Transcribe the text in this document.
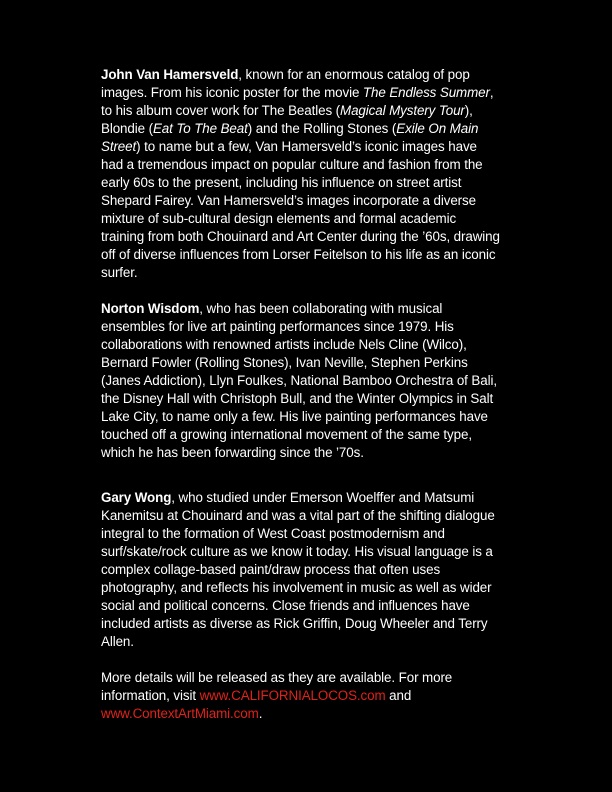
John Van Hamersveld, known for an enormous catalog of pop images. From his iconic poster for the movie The Endless Summer, to his album cover work for The Beatles (Magical Mystery Tour), Blondie (Eat To The Beat) and the Rolling Stones (Exile On Main Street) to name but a few, Van Hamersveld’s iconic images have had a tremendous impact on popular culture and fashion from the early 60s to the present, including his influence on street artist Shepard Fairey. Van Hamersveld’s images incorporate a diverse mixture of sub-cultural design elements and formal academic training from both Chouinard and Art Center during the ’60s, drawing off of diverse influences from Lorser Feitelson to his life as an iconic surfer.

Norton Wisdom, who has been collaborating with musical ensembles for live art painting performances since 1979. His collaborations with renowned artists include Nels Cline (Wilco), Bernard Fowler (Rolling Stones), Ivan Neville, Stephen Perkins (Janes Addiction), Llyn Foulkes, National Bamboo Orchestra of Bali, the Disney Hall with Christoph Bull, and the Winter Olympics in Salt Lake City, to name only a few. His live painting performances have touched off a growing international movement of the same type, which he has been forwarding since the ’70s.

Gary Wong, who studied under Emerson Woelffer and Matsumi Kanemitsu at Chouinard and was a vital part of the shifting dialogue integral to the formation of West Coast postmodernism and surf/skate/rock culture as we know it today. His visual language is a complex collage-based paint/draw process that often uses photography, and reflects his involvement in music as well as wider social and political concerns. Close friends and influences have included artists as diverse as Rick Griffin, Doug Wheeler and Terry Allen.

More details will be released as they are available. For more information, visit www.CALIFORNIALOCOS.com and
www.ContextArtMiami.com.
